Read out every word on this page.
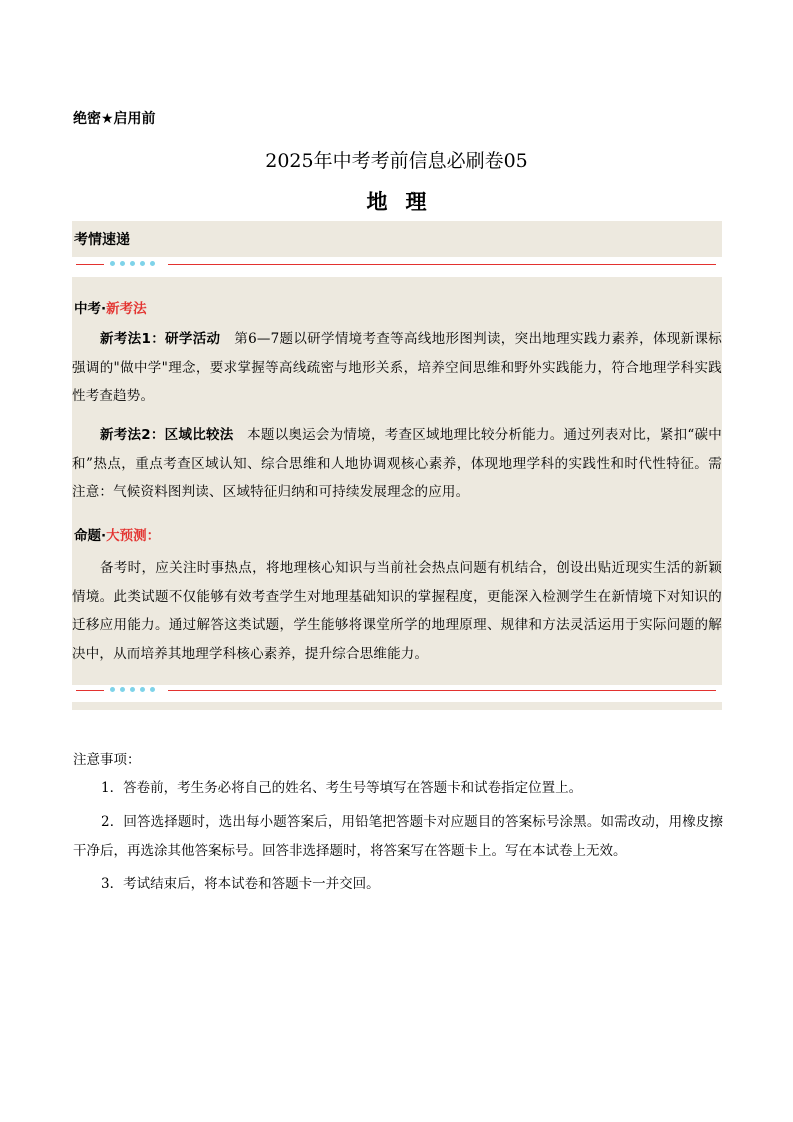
绝密★启用前
2025年中考考前信息必刷卷05
地理
考情速递
中考·新考法
新考法1：研学活动 第6—7题以研学情境考查等高线地形图判读，突出地理实践力素养，体现新课标强调的"做中学"理念，要求掌握等高线疏密与地形关系，培养空间思维和野外实践能力，符合地理学科实践性考查趋势。
新考法2：区域比较法 本题以奥运会为情境，考查区域地理比较分析能力。通过列表对比，紧扣“碳中和”热点，重点考查区域认知、综合思维和人地协调观核心素养，体现地理学科的实践性和时代性特征。需注意：气候资料图判读、区域特征归纳和可持续发展理念的应用。
命题·大预测：
备考时，应关注时事热点，将地理核心知识与当前社会热点问题有机结合，创设出贴近现实生活的新颖情境。此类试题不仅能够有效考查学生对地理基础知识的掌握程度，更能深入检测学生在新情境下对知识的迁移应用能力。通过解答这类试题，学生能够将课堂所学的地理原理、规律和方法灵活运用于实际问题的解决中，从而培养其地理学科核心素养，提升综合思维能力。
注意事项：
1．答卷前，考生务必将自己的姓名、考生号等填写在答题卡和试卷指定位置上。
2．回答选择题时，选出每小题答案后，用铅笔把答题卡对应题目的答案标号涂黑。如需改动，用橡皮擦干净后，再选涂其他答案标号。回答非选择题时，将答案写在答题卡上。写在本试卷上无效。
3．考试结束后，将本试卷和答题卡一并交回。
